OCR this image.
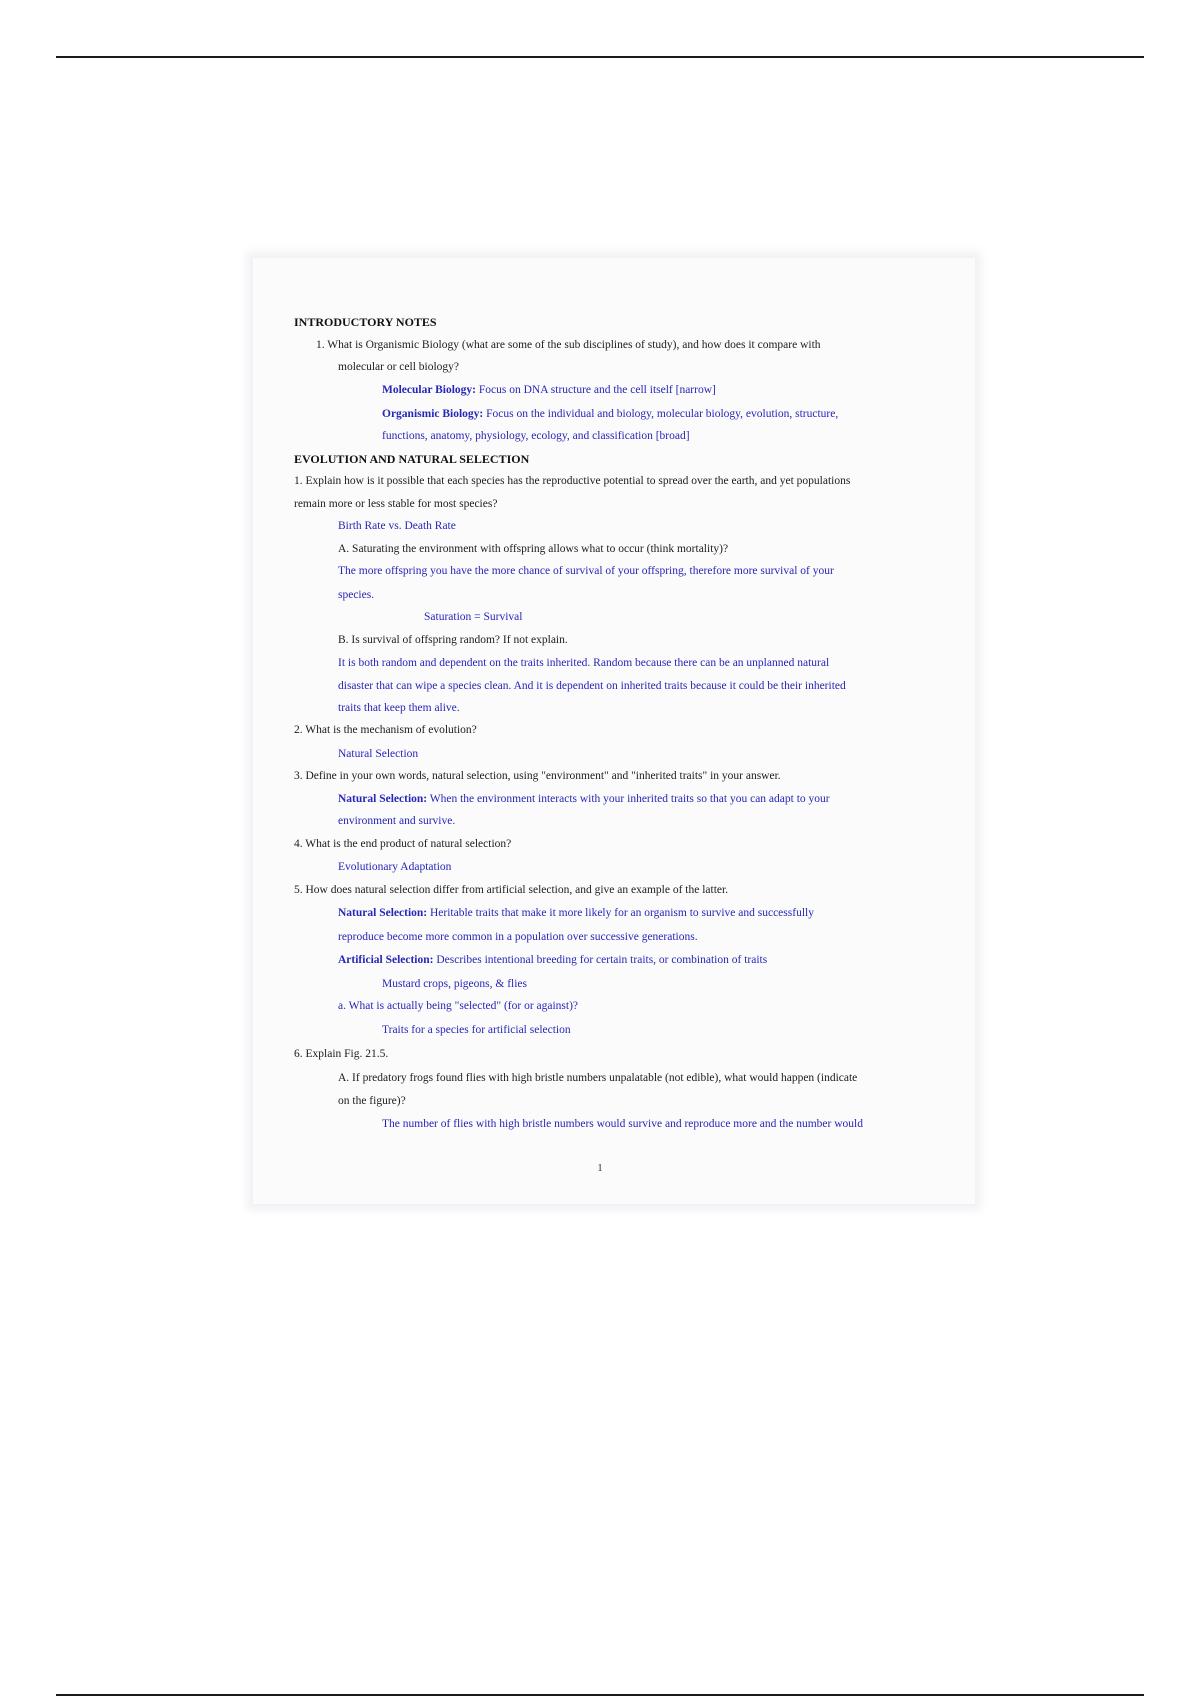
INTRODUCTORY NOTES
1. What is Organismic Biology (what are some of the sub disciplines of study), and how does it compare with
molecular or cell biology?
Molecular Biology: Focus on DNA structure and the cell itself [narrow]
Organismic Biology: Focus on the individual and biology, molecular biology, evolution, structure,
functions, anatomy, physiology, ecology, and classification [broad]
EVOLUTION AND NATURAL SELECTION
1. Explain how is it possible that each species has the reproductive potential to spread over the earth, and yet populations
remain more or less stable for most species?
Birth Rate vs. Death Rate
A. Saturating the environment with offspring allows what to occur (think mortality)?
The more offspring you have the more chance of survival of your offspring, therefore more survival of your
species.
Saturation = Survival
B. Is survival of offspring random? If not explain.
It is both random and dependent on the traits inherited. Random because there can be an unplanned natural
disaster that can wipe a species clean. And it is dependent on inherited traits because it could be their inherited
traits that keep them alive.
2. What is the mechanism of evolution?
Natural Selection
3. Define in your own words, natural selection, using "environment" and "inherited traits" in your answer.
Natural Selection: When the environment interacts with your inherited traits so that you can adapt to your
environment and survive.
4. What is the end product of natural selection?
Evolutionary Adaptation
5. How does natural selection differ from artificial selection, and give an example of the latter.
Natural Selection: Heritable traits that make it more likely for an organism to survive and successfully
reproduce become more common in a population over successive generations.
Artificial Selection: Describes intentional breeding for certain traits, or combination of traits
Mustard crops, pigeons, & flies
a. What is actually being "selected" (for or against)?
Traits for a species for artificial selection
6. Explain Fig. 21.5.
A. If predatory frogs found flies with high bristle numbers unpalatable (not edible), what would happen (indicate
on the figure)?
The number of flies with high bristle numbers would survive and reproduce more and the number would
1
